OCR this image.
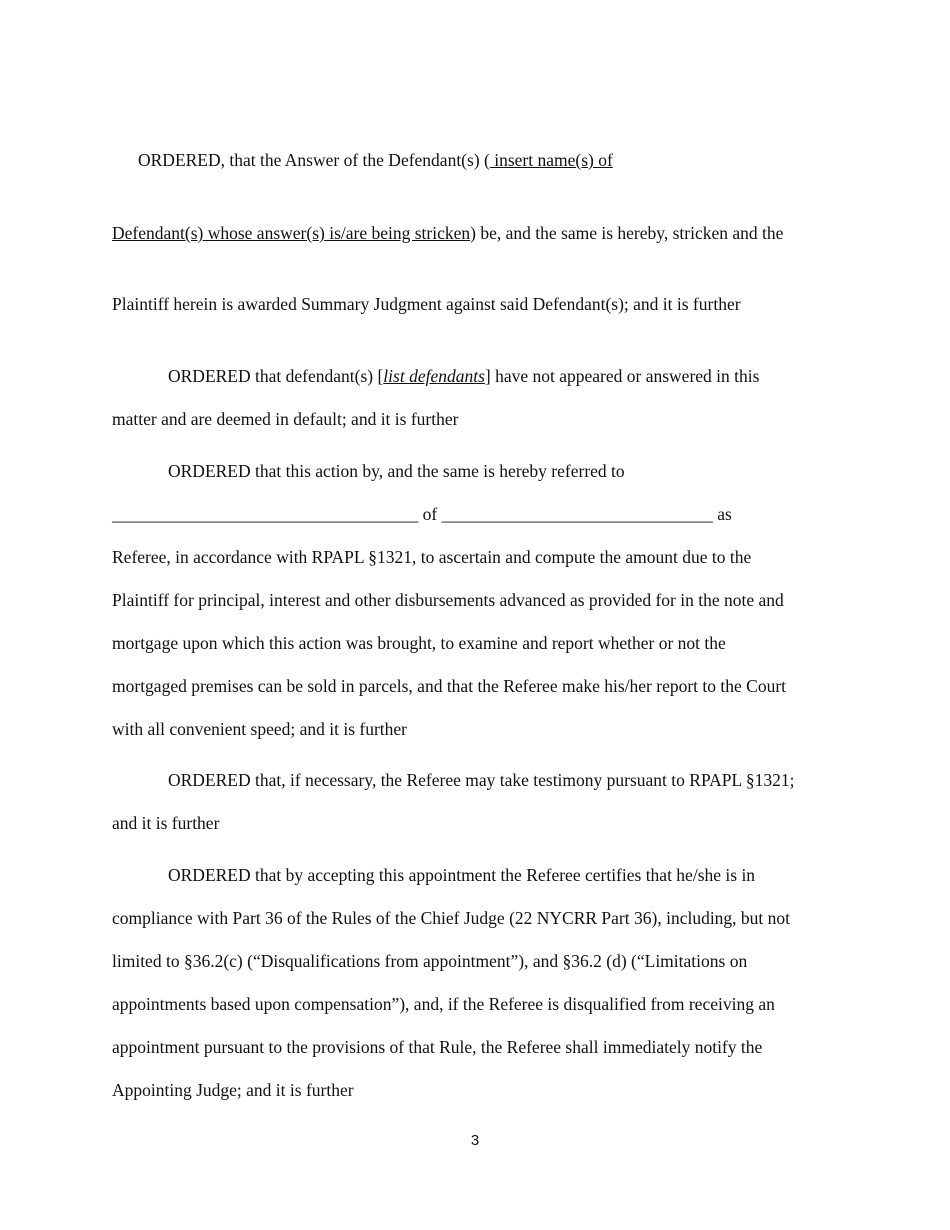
ORDERED, that the Answer of the Defendant(s) ( insert name(s) of
Defendant(s) whose answer(s) is/are being stricken) be, and the same is hereby, stricken and the
Plaintiff herein is awarded Summary Judgment against said Defendant(s); and it is further
ORDERED that defendant(s) [list defendants] have not appeared or answered in this
matter and are deemed in default; and it is further
ORDERED that this action by, and the same is hereby referred to
___________________________________ of _______________________________ as
Referee, in accordance with RPAPL §1321, to ascertain and compute the amount due to the
Plaintiff for principal, interest and other disbursements advanced as provided for in the note and
mortgage upon which this action was brought, to examine and report whether or not the
mortgaged premises can be sold in parcels, and that the Referee make his/her report to the Court
with all convenient speed; and it is further
ORDERED that, if necessary, the Referee may take testimony pursuant to RPAPL §1321;
and it is further
ORDERED that by accepting this appointment the Referee certifies that he/she is in
compliance with Part 36 of the Rules of the Chief Judge (22 NYCRR Part 36), including, but not
limited to §36.2(c) (“Disqualifications from appointment”), and §36.2 (d) (“Limitations on
appointments based upon compensation”), and, if the Referee is disqualified from receiving an
appointment pursuant to the provisions of that Rule, the Referee shall immediately notify the
Appointing Judge; and it is further
3
